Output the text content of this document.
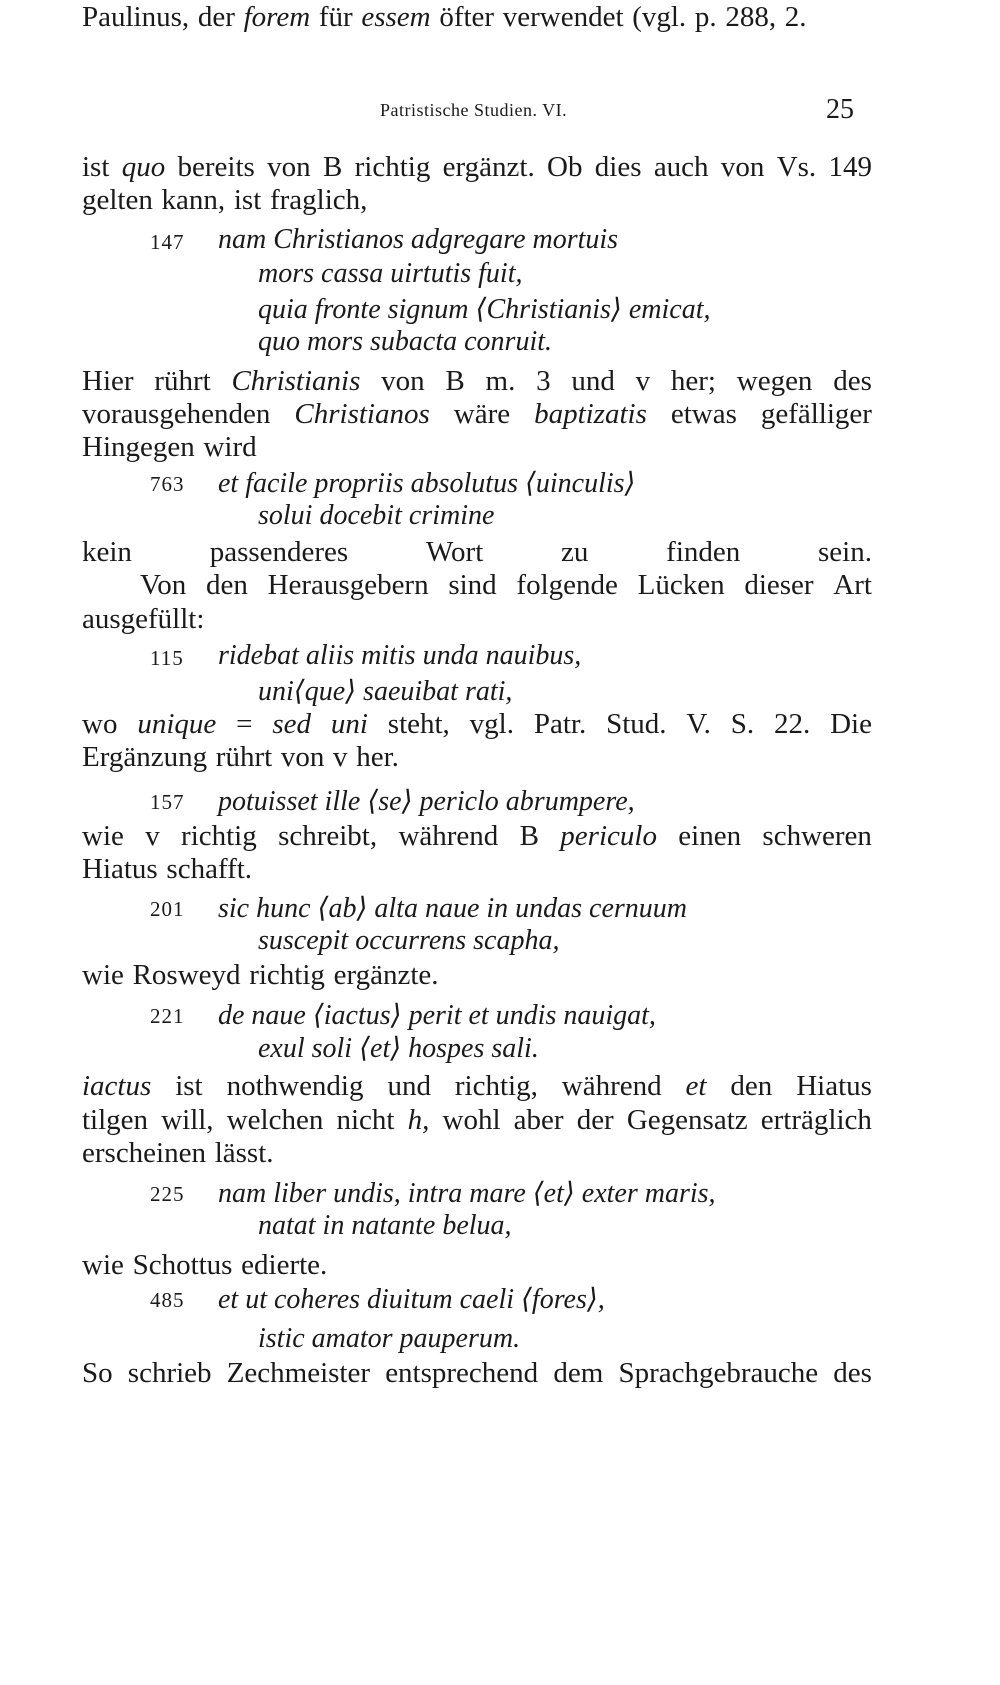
Patristische Studien. VI.	25
ist quo bereits von B richtig ergänzt. Ob dies auch von Vs. 149
gelten kann, ist fraglich,
147 nam Christianos adgregare mortuis
mors cassa uirtutis fuit,
quia fronte signum ⟨Christianis⟩ emicat,
quo mors subacta conruit.
Hier rührt Christianis von B m. 3 und v her; wegen des
vorausgehenden Christianos wäre baptizatis etwas gefälliger
Hingegen wird
763 et facile propriis absolutus ⟨uinculis⟩
solui docebit crimine
kein	passenderes	Wort	zu	finden	sein.
Von den Herausgebern sind folgende Lücken dieser Art
ausgefüllt:
115 ridebat aliis mitis unda nauibus,
uni⟨que⟩ saeuibat rati,
wo unique = sed uni steht, vgl. Patr. Stud. V. S. 22. Die
Ergänzung rührt von v her.
157 potuisset ille ⟨se⟩ periclo abrumpere,
wie v richtig schreibt, während B periculo einen schweren
Hiatus schafft.
201 sic hunc ⟨ab⟩ alta naue in undas cernuum
suscepit occurrens scapha,
wie Rosweyd richtig ergänzte.
221 de naue ⟨iactus⟩ perit et undis nauigat,
exul soli ⟨et⟩ hospes sali.
iactus ist nothwendig und richtig, während et den Hiatus
tilgen will, welchen nicht h, wohl aber der Gegensatz erträglich
erscheinen lässt.
225 nam liber undis, intra mare ⟨et⟩ exter maris,
natat in natante belua,
wie Schottus edierte.
485 et ut coheres diuitum caeli ⟨fores⟩,
istic amator pauperum.
So schrieb Zechmeister entsprechend dem Sprachgebrauche des
Paulinus, der forem für essem öfter verwendet (vgl. p. 288, 2.
